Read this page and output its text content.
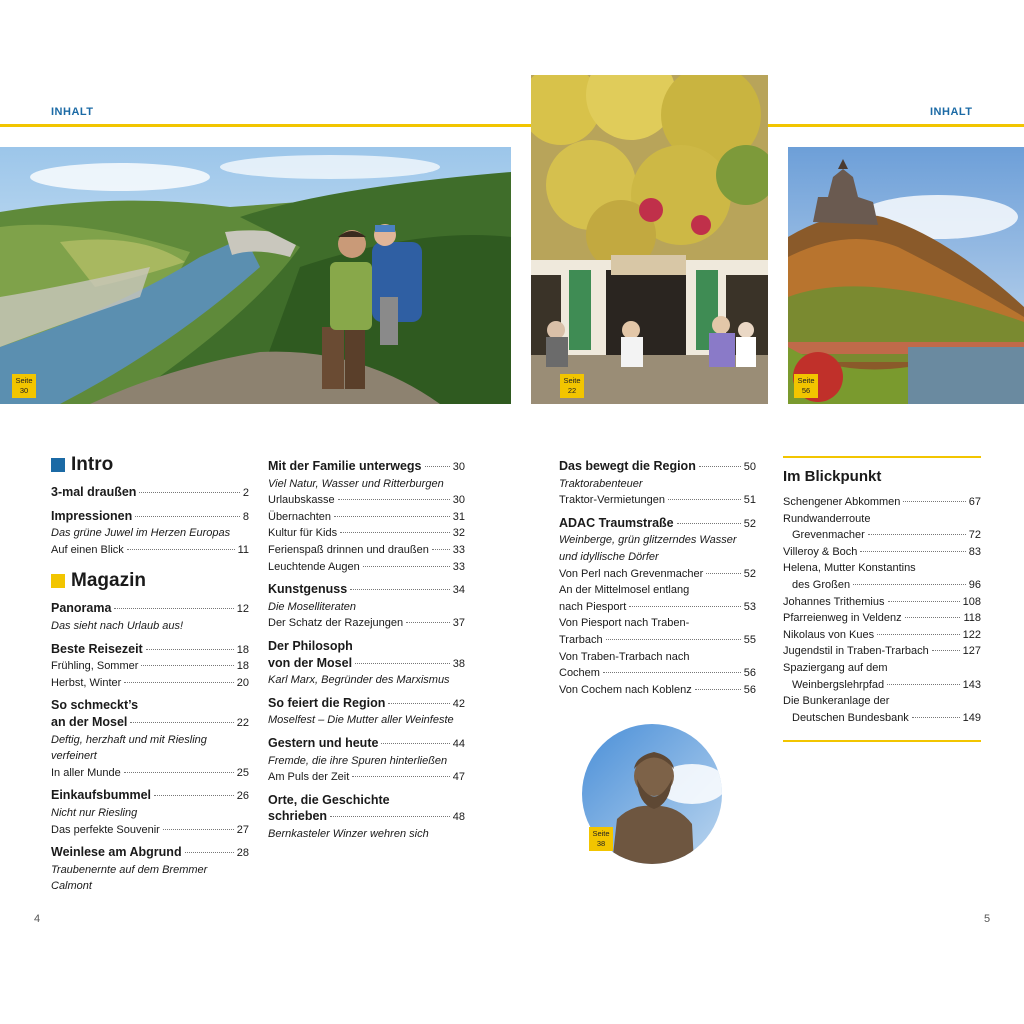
INHALT	INHALT
Seite
30
Seite
22
Seite
56
Intro
3-mal draußen	2
Impressionen	8
Das grüne Juwel im Herzen Europas
Auf einen Blick	11
Magazin
Panorama	12
Das sieht nach Urlaub aus!
Beste Reisezeit	18
Frühling, Sommer	18
Herbst, Winter	20
So schmeckt’s
an der Mosel	22
Deftig, herzhaft und mit Riesling
verfeinert
In aller Munde	25
Einkaufsbummel	26
Nicht nur Riesling
Das perfekte Souvenir	27
Weinlese am Abgrund	28
Traubenernte auf dem Bremmer
Calmont
Mit der Familie unterwegs	30
Viel Natur, Wasser und Ritterburgen
Urlaubskasse	30
Übernachten	31
Kultur für Kids	32
Ferienspaß drinnen und draußen 33
Leuchtende Augen	33
Kunstgenuss	34
Die Moselliteraten
Der Schatz der Razejungen	37
Der Philosoph
von der Mosel	38
Karl Marx, Begründer des Marxismus
So feiert die Region	42
Moselfest – Die Mutter aller Weinfeste
Gestern und heute	44
Fremde, die ihre Spuren hinterließen
Am Puls der Zeit	47
Orte, die Geschichte
schrieben	48
Bernkasteler Winzer wehren sich
Das bewegt die Region	50
Traktorabenteuer
Traktor-Vermietungen	51
ADAC Traumstraße	52
Weinberge, grün glitzerndes Wasser
und idyllische Dörfer
Von Perl nach Grevenmacher	52
An der Mittelmosel entlang
nach Piesport	53
Von Piesport nach Traben-
Trarbach	55
Von Traben-Trarbach nach
Cochem	56
Von Cochem nach Koblenz	56
Seite
38
Im Blickpunkt
Schengener Abkommen	67
Rundwanderroute
Grevenmacher	72
Villeroy & Boch	83
Helena, Mutter Konstantins
des Großen	96
Johannes Trithemius	108
Pfarreienweg in Veldenz	118
Nikolaus von Kues	122
Jugendstil in Traben-Trarbach	127
Spaziergang auf dem
Weinbergslehrpfad	143
Die Bunkeranlage der
Deutschen Bundesbank	149
4	5
